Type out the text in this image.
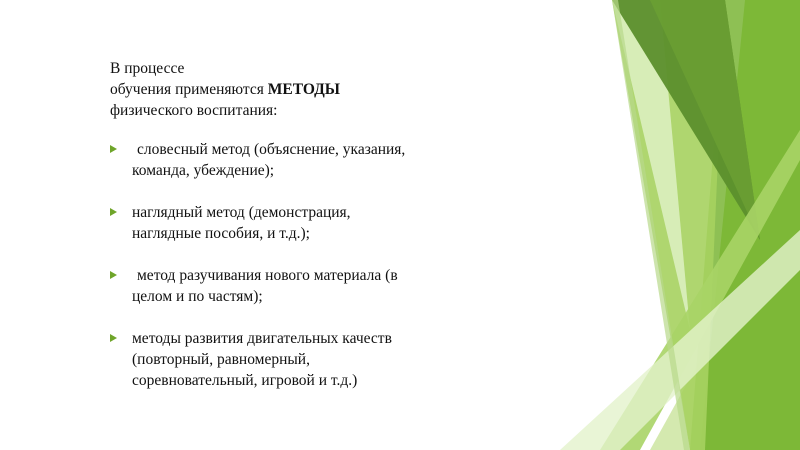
В процессе
обучения применяются МЕТОДЫ
физического воспитания:

словесный метод (объяснение, указания,
команда, убеждение);
наглядный метод (демонстрация,
наглядные пособия, и т.д.);
метод разучивания нового материала (в
целом и по частям);
методы развития двигательных качеств
(повторный, равномерный,
соревновательный, игровой и т.д.)
